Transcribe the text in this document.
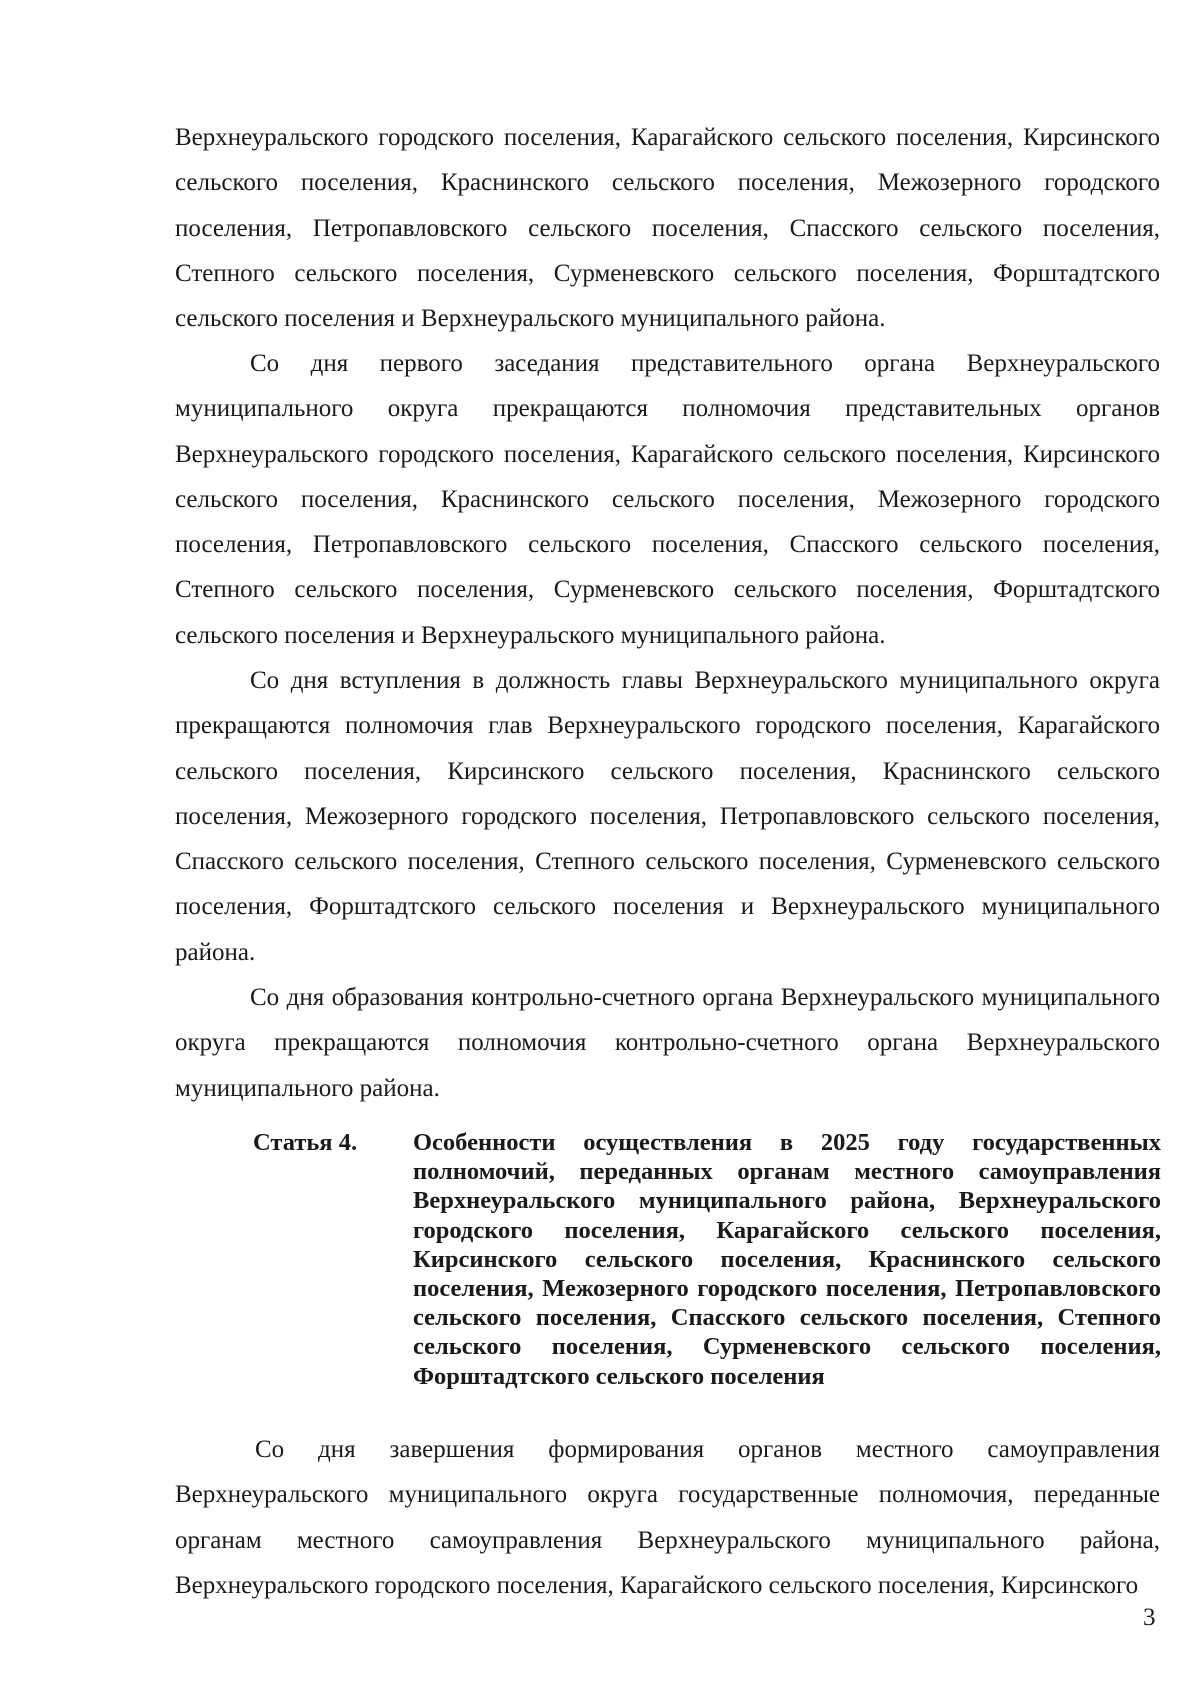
Верхнеуральского городского поселения, Карагайского сельского поселения, Кирсинского сельского поселения, Краснинского сельского поселения, Межозерного городского поселения, Петропавловского сельского поселения, Спасского сельского поселения, Степного сельского поселения, Сурменевского сельского поселения, Форштадтского сельского поселения и Верхнеуральского муниципального района.

Со дня первого заседания представительного органа Верхнеуральского муниципального округа прекращаются полномочия представительных органов Верхнеуральского городского поселения, Карагайского сельского поселения, Кирсинского сельского поселения, Краснинского сельского поселения, Межозерного городского поселения, Петропавловского сельского поселения, Спасского сельского поселения, Степного сельского поселения, Сурменевского сельского поселения, Форштадтского сельского поселения и Верхнеуральского муниципального района.

Со дня вступления в должность главы Верхнеуральского муниципального округа прекращаются полномочия глав Верхнеуральского городского поселения, Карагайского сельского поселения, Кирсинского сельского поселения, Краснинского сельского поселения, Межозерного городского поселения, Петропавловского сельского поселения, Спасского сельского поселения, Степного сельского поселения, Сурменевского сельского поселения, Форштадтского сельского поселения и Верхнеуральского муниципального района.

Со дня образования контрольно-счетного органа Верхнеуральского муниципального округа прекращаются полномочия контрольно-счетного органа Верхнеуральского муниципального района.

Статья 4. Особенности осуществления в 2025 году государственных полномочий, переданных органам местного самоуправления Верхнеуральского муниципального района, Верхнеуральского городского поселения, Карагайского сельского поселения, Кирсинского сельского поселения, Краснинского сельского поселения, Межозерного городского поселения, Петропавловского сельского поселения, Спасского сельского поселения, Степного сельского поселения, Сурменевского сельского поселения, Форштадтского сельского поселения

Со дня завершения формирования органов местного самоуправления Верхнеуральского муниципального округа государственные полномочия, переданные органам местного самоуправления Верхнеуральского муниципального района, Верхнеуральского городского поселения, Карагайского сельского поселения, Кирсинского

3
